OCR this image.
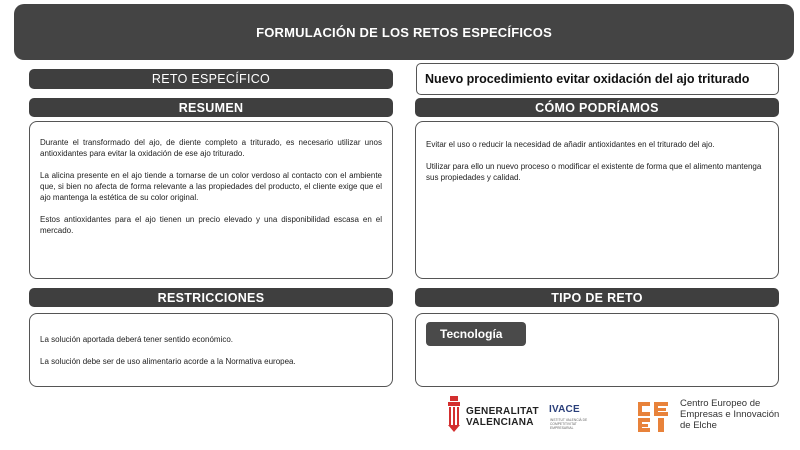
FORMULACIÓN DE LOS RETOS ESPECÍFICOS
RETO ESPECÍFICO	Nuevo procedimiento evitar oxidación del ajo triturado
RESUMEN	CÓMO PODRÍAMOS

Durante el transformado del ajo, de diente completo a triturado, es necesario utilizar unos antioxidantes para evitar la oxidación de ese ajo triturado.

La alicina presente en el ajo tiende a tornarse de un color verdoso al contacto con el ambiente que, si bien no afecta de forma relevante a las propiedades del producto, el cliente exige que el ajo mantenga la estética de su color original.

Estos antioxidantes para el ajo tienen un precio elevado y una disponibilidad escasa en el mercado.

Evitar el uso o reducir la necesidad de añadir antioxidantes en el triturado del ajo.

Utilizar para ello un nuevo proceso o modificar el existente de forma que el alimento mantenga sus propiedades y calidad.

RESTRICCIONES	TIPO DE RETO

La solución aportada deberá tener sentido económico.

La solución debe ser de uso alimentario acorde a la Normativa europea.

Tecnología
GENERALITAT
VALENCIANA
IVACE
INSTITUT VALENCIÀ DE COMPETITIVITAT EMPRESARIAL
Centro Europeo de
Empresas e Innovación
de Elche
